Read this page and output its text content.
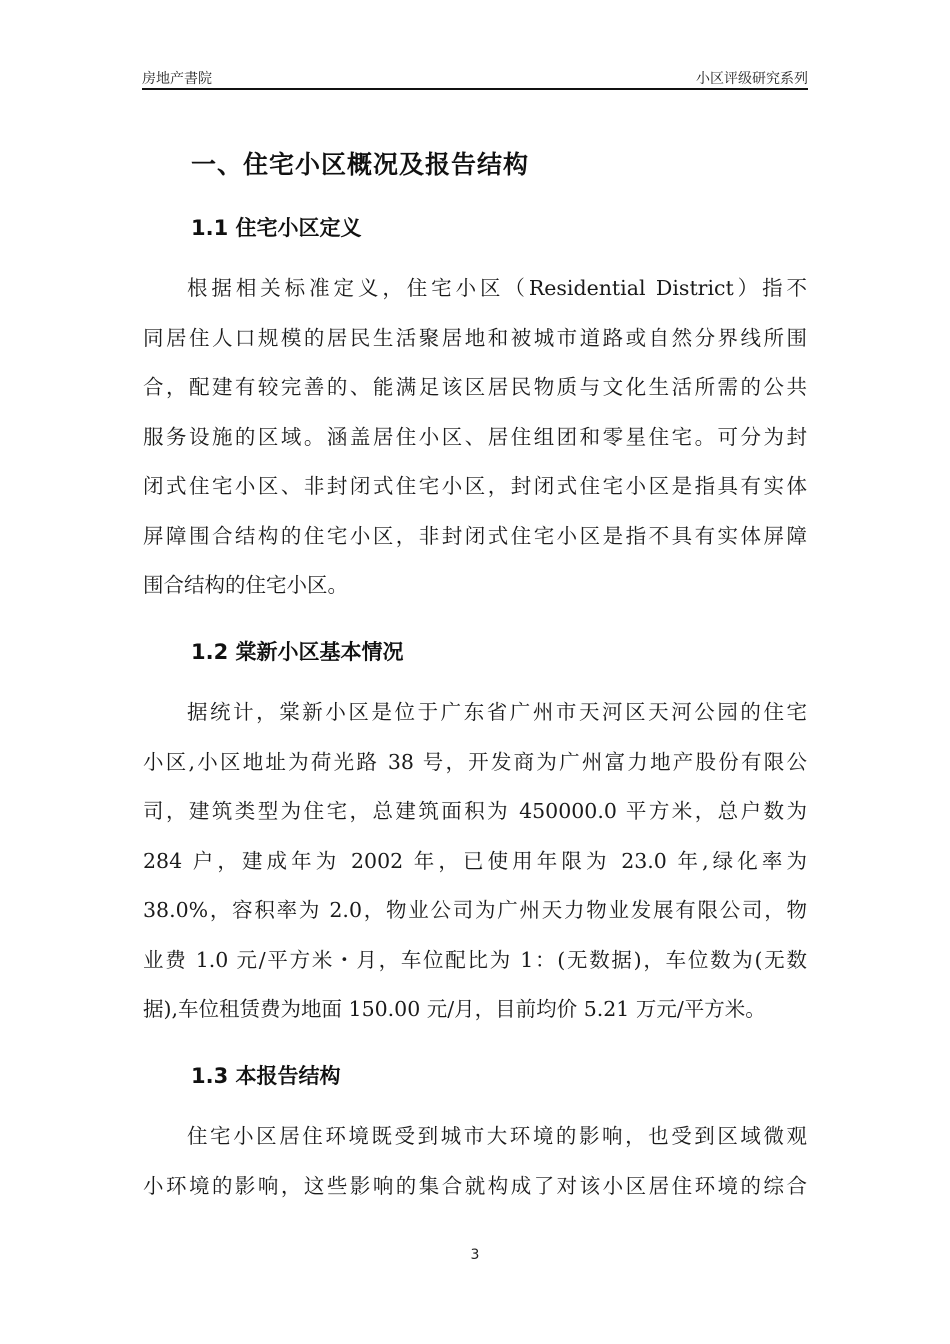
房地产書院	小区评级研究系列
一、住宅小区概况及报告结构
1.1 住宅小区定义
根据相关标准定义，住宅小区（Residential District）指不
同居住人口规模的居民生活聚居地和被城市道路或自然分界线所围
合，配建有较完善的、能满足该区居民物质与文化生活所需的公共
服务设施的区域。涵盖居住小区、居住组团和零星住宅。可分为封
闭式住宅小区、非封闭式住宅小区，封闭式住宅小区是指具有实体
屏障围合结构的住宅小区，非封闭式住宅小区是指不具有实体屏障
围合结构的住宅小区。
1.2 棠新小区基本情况
据统计，棠新小区是位于广东省广州市天河区天河公园的住宅
小区,小区地址为荷光路 38 号，开发商为广州富力地产股份有限公
司，建筑类型为住宅，总建筑面积为 450000.0 平方米，总户数为
284 户，建成年为 2002 年，已使用年限为 23.0 年,绿化率为
38.0%，容积率为 2.0，物业公司为广州天力物业发展有限公司，物
业费 1.0 元/平方米・月，车位配比为 1：(无数据)，车位数为(无数
据),车位租赁费为地面 150.00 元/月，目前均价 5.21 万元/平方米。
1.3 本报告结构
住宅小区居住环境既受到城市大环境的影响，也受到区域微观
小环境的影响，这些影响的集合就构成了对该小区居住环境的综合
3
